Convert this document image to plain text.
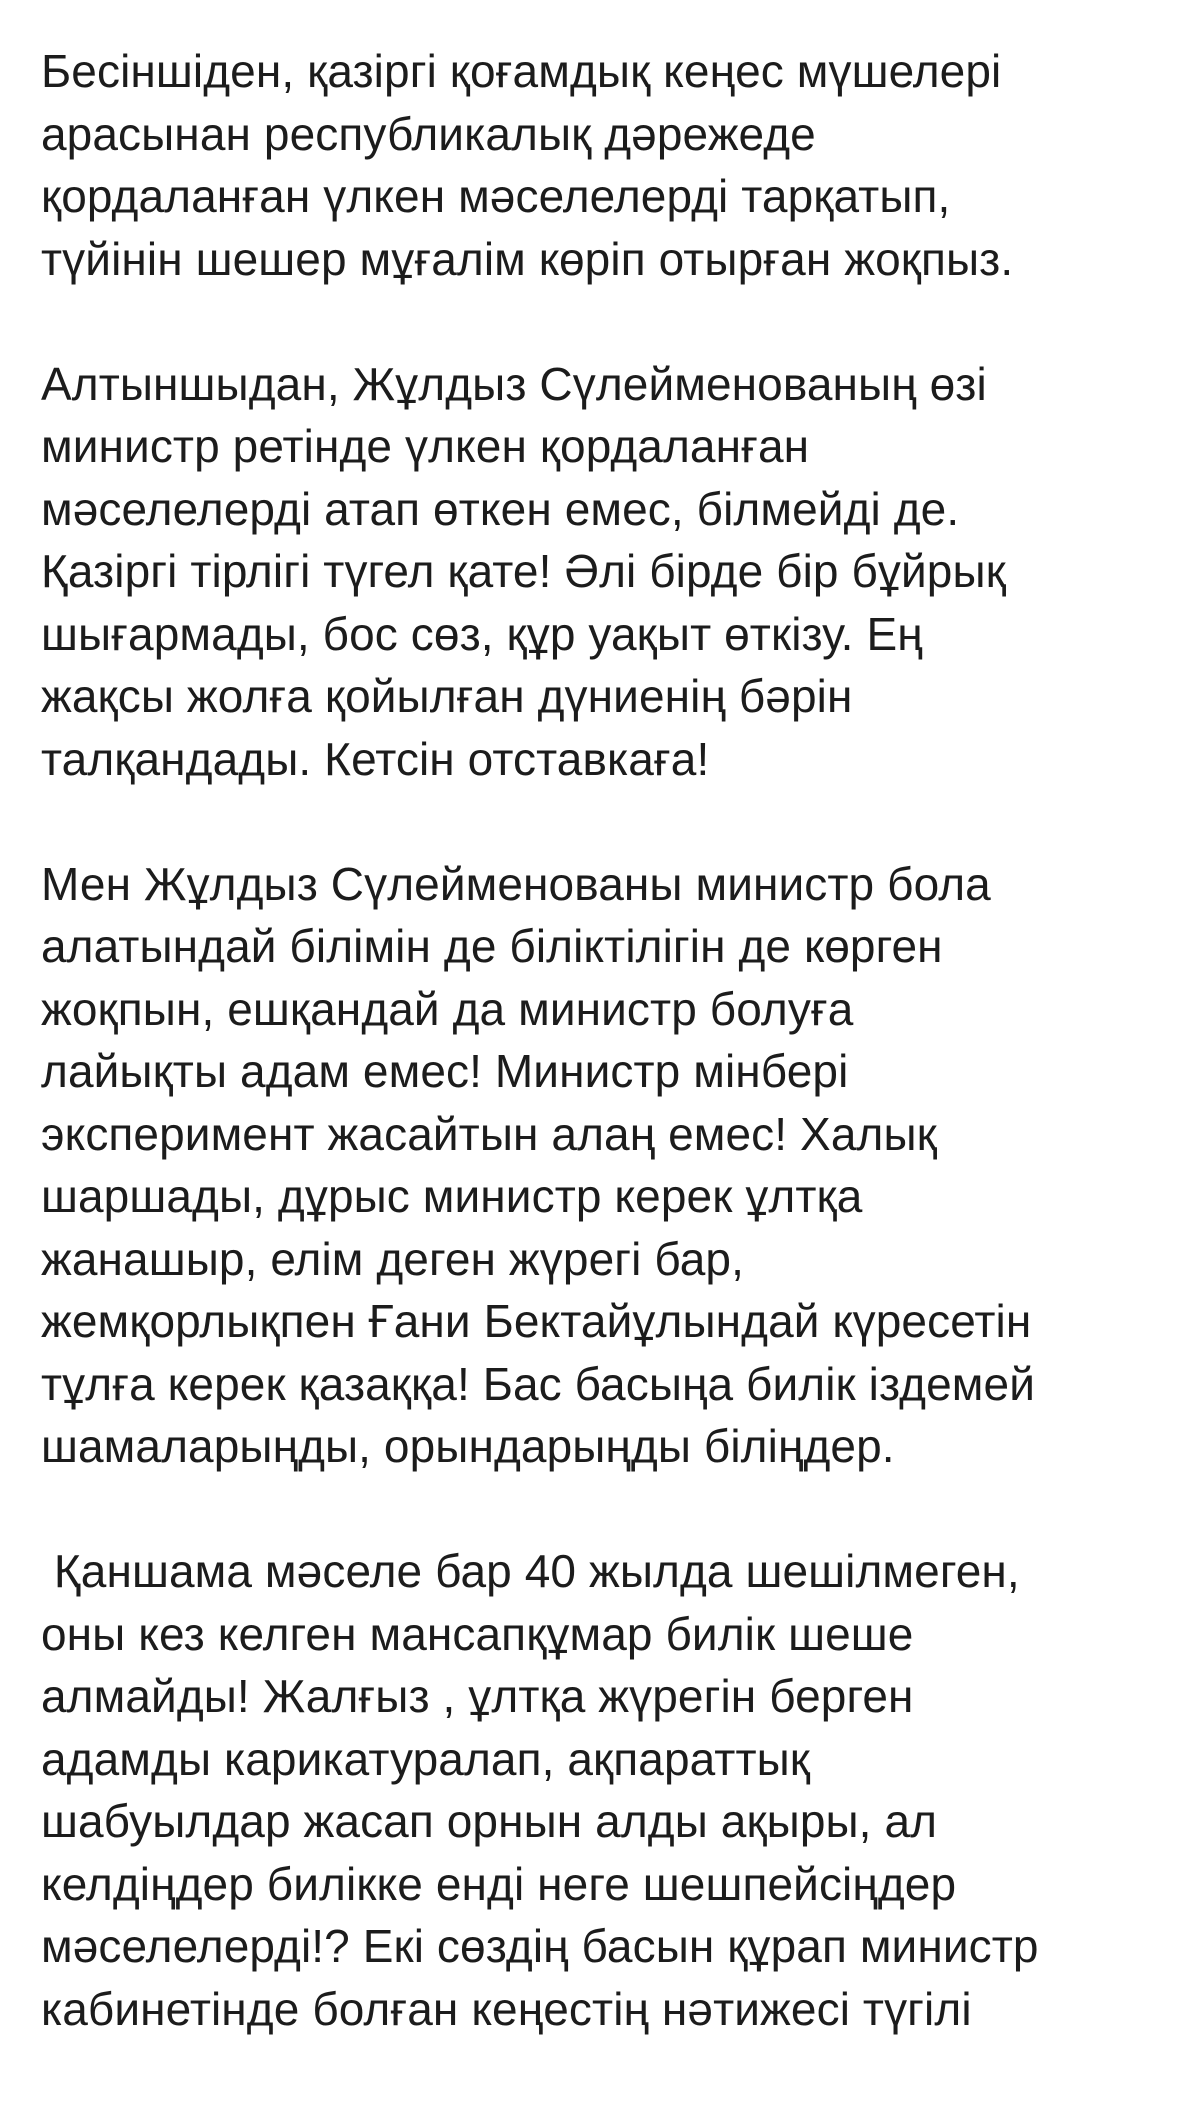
Бесіншіден, қазіргі қоғамдық кеңес мүшелері
арасынан республикалық дәрежеде
қордаланған үлкен мәселелерді тарқатып,
түйінін шешер мұғалім көріп отырған жоқпыз.
Алтыншыдан, Жұлдыз Сүлейменованың өзі
министр ретінде үлкен қордаланған
мәселелерді атап өткен емес, білмейді де.
Қазіргі тірлігі түгел қате! Әлі бірде бір бұйрық
шығармады, бос сөз, құр уақыт өткізу. Ең
жақсы жолға қойылған дүниенің бәрін
талқандады. Кетсін отставкаға!
Мен Жұлдыз Сүлейменованы министр бола
алатындай білімін де біліктілігін де көрген
жоқпын, ешқандай да министр болуға
лайықты адам емес! Министр мінбері
эксперимент жасайтын алаң емес! Халық
шаршады, дұрыс министр керек ұлтқа
жанашыр, елім деген жүрегі бар,
жемқорлықпен Ғани Бектайұлындай күресетін
тұлға керек қазаққа! Бас басыңа билік іздемей
шамаларыңды, орындарыңды біліңдер.
Қаншама мәселе бар 40 жылда шешілмеген,
оны кез келген мансапқұмар билік шеше
алмайды! Жалғыз , ұлтқа жүрегін берген
адамды карикатуралап, ақпараттық
шабуылдар жасап орнын алды ақыры, ал
келдіңдер билікке енді неге шешпейсіңдер
мәселелерді!? Екі сөздің басын құрап министр
кабинетінде болған кеңестің нәтижесі түгілі
